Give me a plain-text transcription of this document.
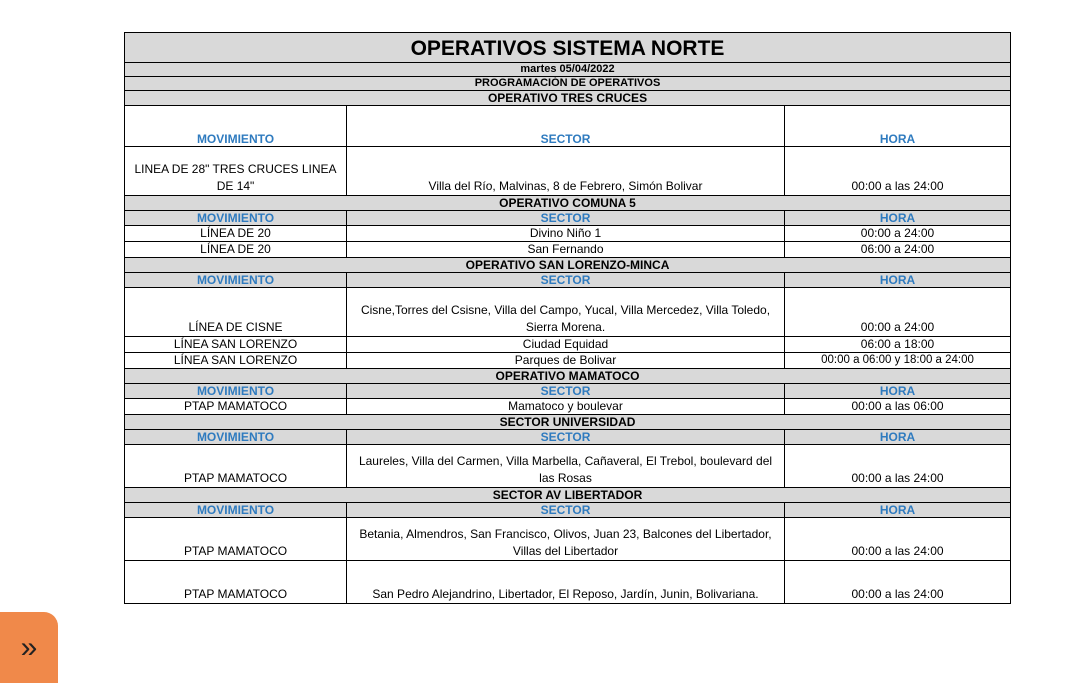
OPERATIVOS SISTEMA NORTE		
martes 05/04/2022		
PROGRAMACIÓN DE OPERATIVOS		
OPERATIVO TRES CRUCES		
MOVIMIENTO	SECTOR	HORA
LINEA DE 28" TRES CRUCES LINEA DE 14"	Villa del Río, Malvinas, 8 de Febrero, Simón Bolivar	00:00 a las 24:00
OPERATIVO COMUNA 5		
MOVIMIENTO	SECTOR	HORA
LÍNEA DE 20	Divino Niño 1	00:00 a 24:00
LÍNEA DE 20	San Fernando	06:00 a 24:00
OPERATIVO SAN LORENZO-MINCA		
MOVIMIENTO	SECTOR	HORA
LÍNEA DE CISNE	Cisne,Torres del Csisne, Villa del Campo, Yucal, Villa Mercedez, Villa Toledo, Sierra Morena.	00:00 a 24:00
LÍNEA SAN LORENZO	Ciudad Equidad	06:00 a 18:00
LÍNEA SAN LORENZO	Parques de Bolivar	00:00 a 06:00 y 18:00 a 24:00
OPERATIVO MAMATOCO		
MOVIMIENTO	SECTOR	HORA
PTAP MAMATOCO	Mamatoco y boulevar	00:00 a las 06:00
SECTOR UNIVERSIDAD		
MOVIMIENTO	SECTOR	HORA
PTAP MAMATOCO	Laureles, Villa del Carmen, Villa Marbella, Cañaveral, El Trebol, boulevard del las Rosas	00:00 a las 24:00
SECTOR AV LIBERTADOR		
MOVIMIENTO	SECTOR	HORA
PTAP MAMATOCO	Betania, Almendros, San Francisco, Olivos, Juan 23, Balcones del Libertador, Villas del Libertador	00:00 a las 24:00
PTAP MAMATOCO	San Pedro Alejandrino, Libertador, El Reposo, Jardín, Junin, Bolivariana.	00:00 a las 24:00
»
